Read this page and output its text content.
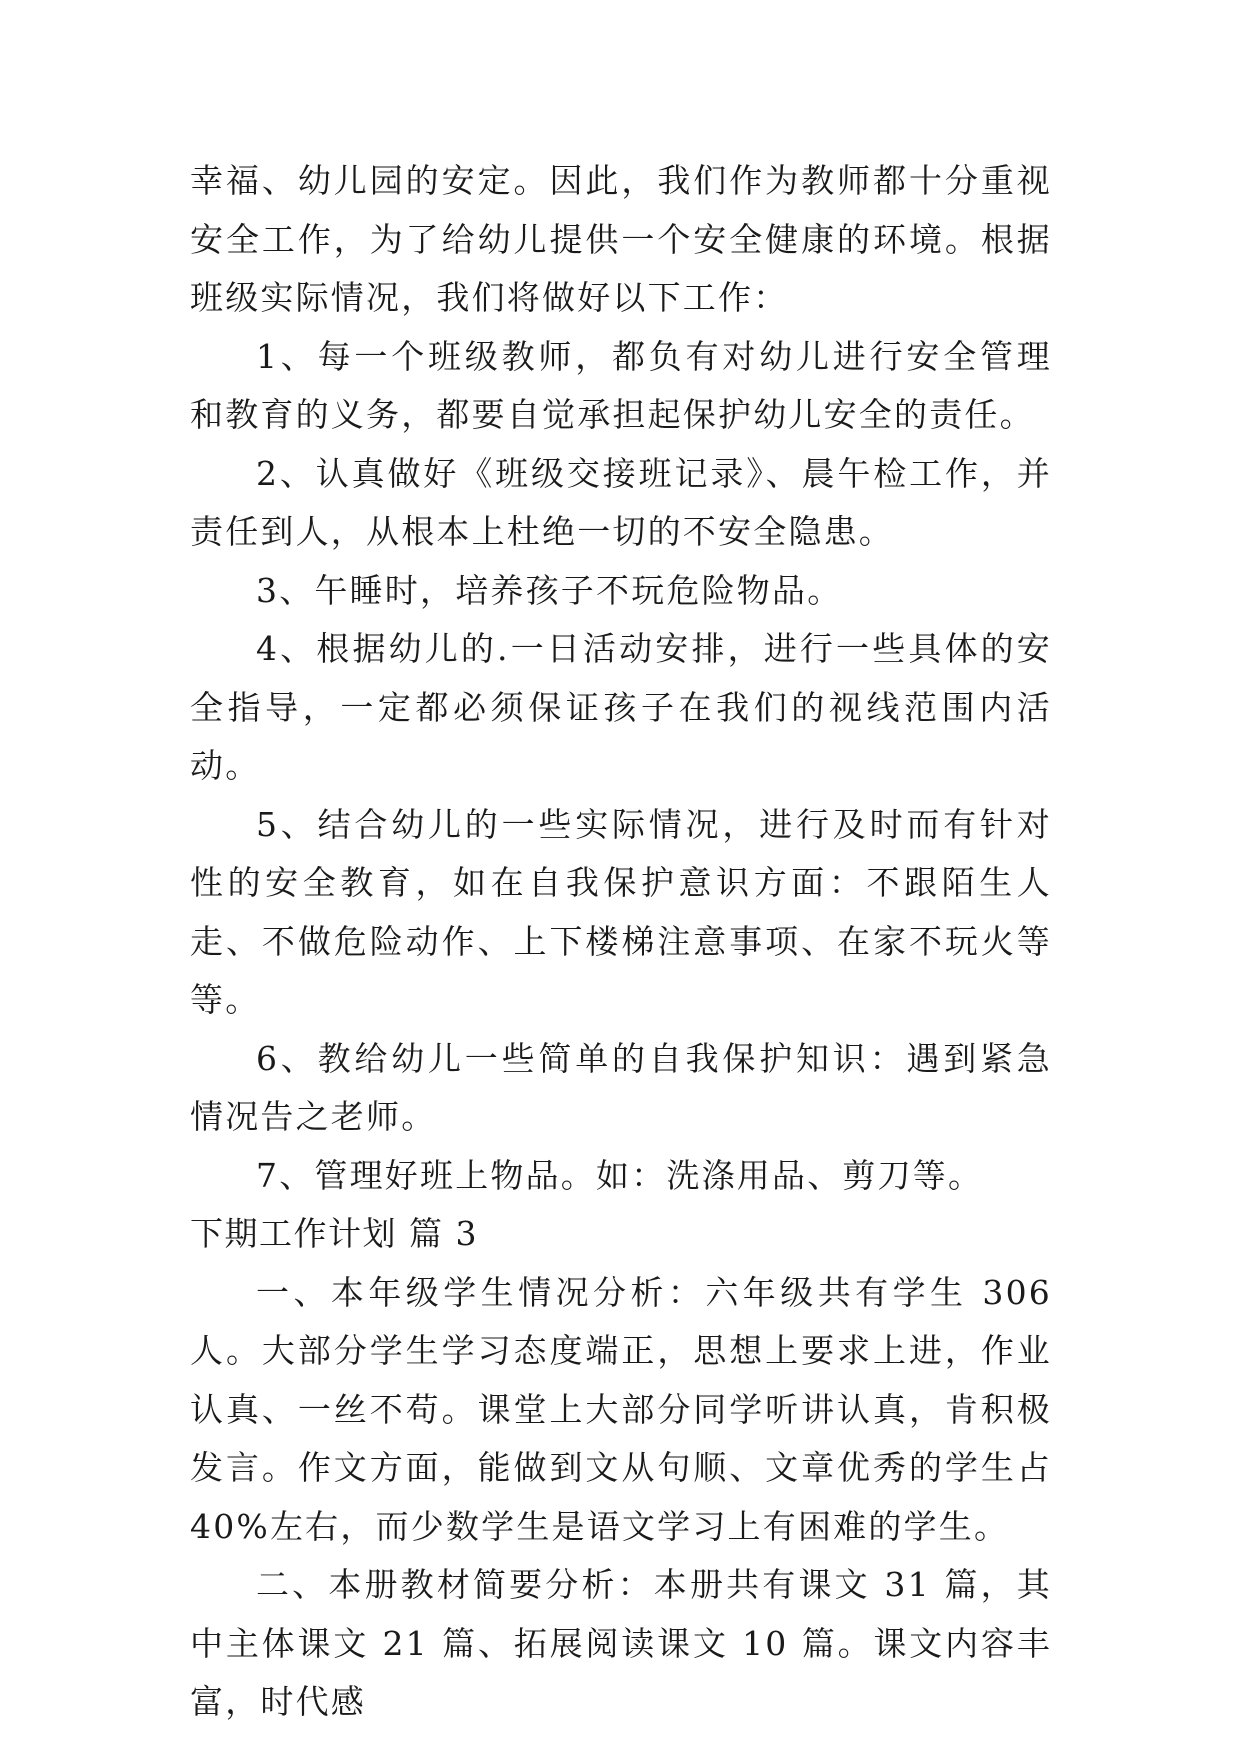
幸福、幼儿园的安定。因此，我们作为教师都十分重视安全工作，为了给幼儿提供一个安全健康的环境。根据班级实际情况，我们将做好以下工作：

1、每一个班级教师，都负有对幼儿进行安全管理和教育的义务，都要自觉承担起保护幼儿安全的责任。

2、认真做好《班级交接班记录》、晨午检工作，并责任到人，从根本上杜绝一切的不安全隐患。

3、午睡时，培养孩子不玩危险物品。

4、根据幼儿的.一日活动安排，进行一些具体的安全指导，一定都必须保证孩子在我们的视线范围内活动。

5、结合幼儿的一些实际情况，进行及时而有针对性的安全教育，如在自我保护意识方面：不跟陌生人走、不做危险动作、上下楼梯注意事项、在家不玩火等等。

6、教给幼儿一些简单的自我保护知识：遇到紧急情况告之老师。

7、管理好班上物品。如：洗涤用品、剪刀等。

下期工作计划 篇 3

一、本年级学生情况分析：六年级共有学生 306 人。大部分学生学习态度端正，思想上要求上进，作业认真、一丝不苟。课堂上大部分同学听讲认真，肯积极发言。作文方面，能做到文从句顺、文章优秀的学生占 40%左右，而少数学生是语文学习上有困难的学生。

二、本册教材简要分析：本册共有课文 31 篇，其中主体课文 21 篇、拓展阅读课文 10 篇。课文内容丰富，时代感
